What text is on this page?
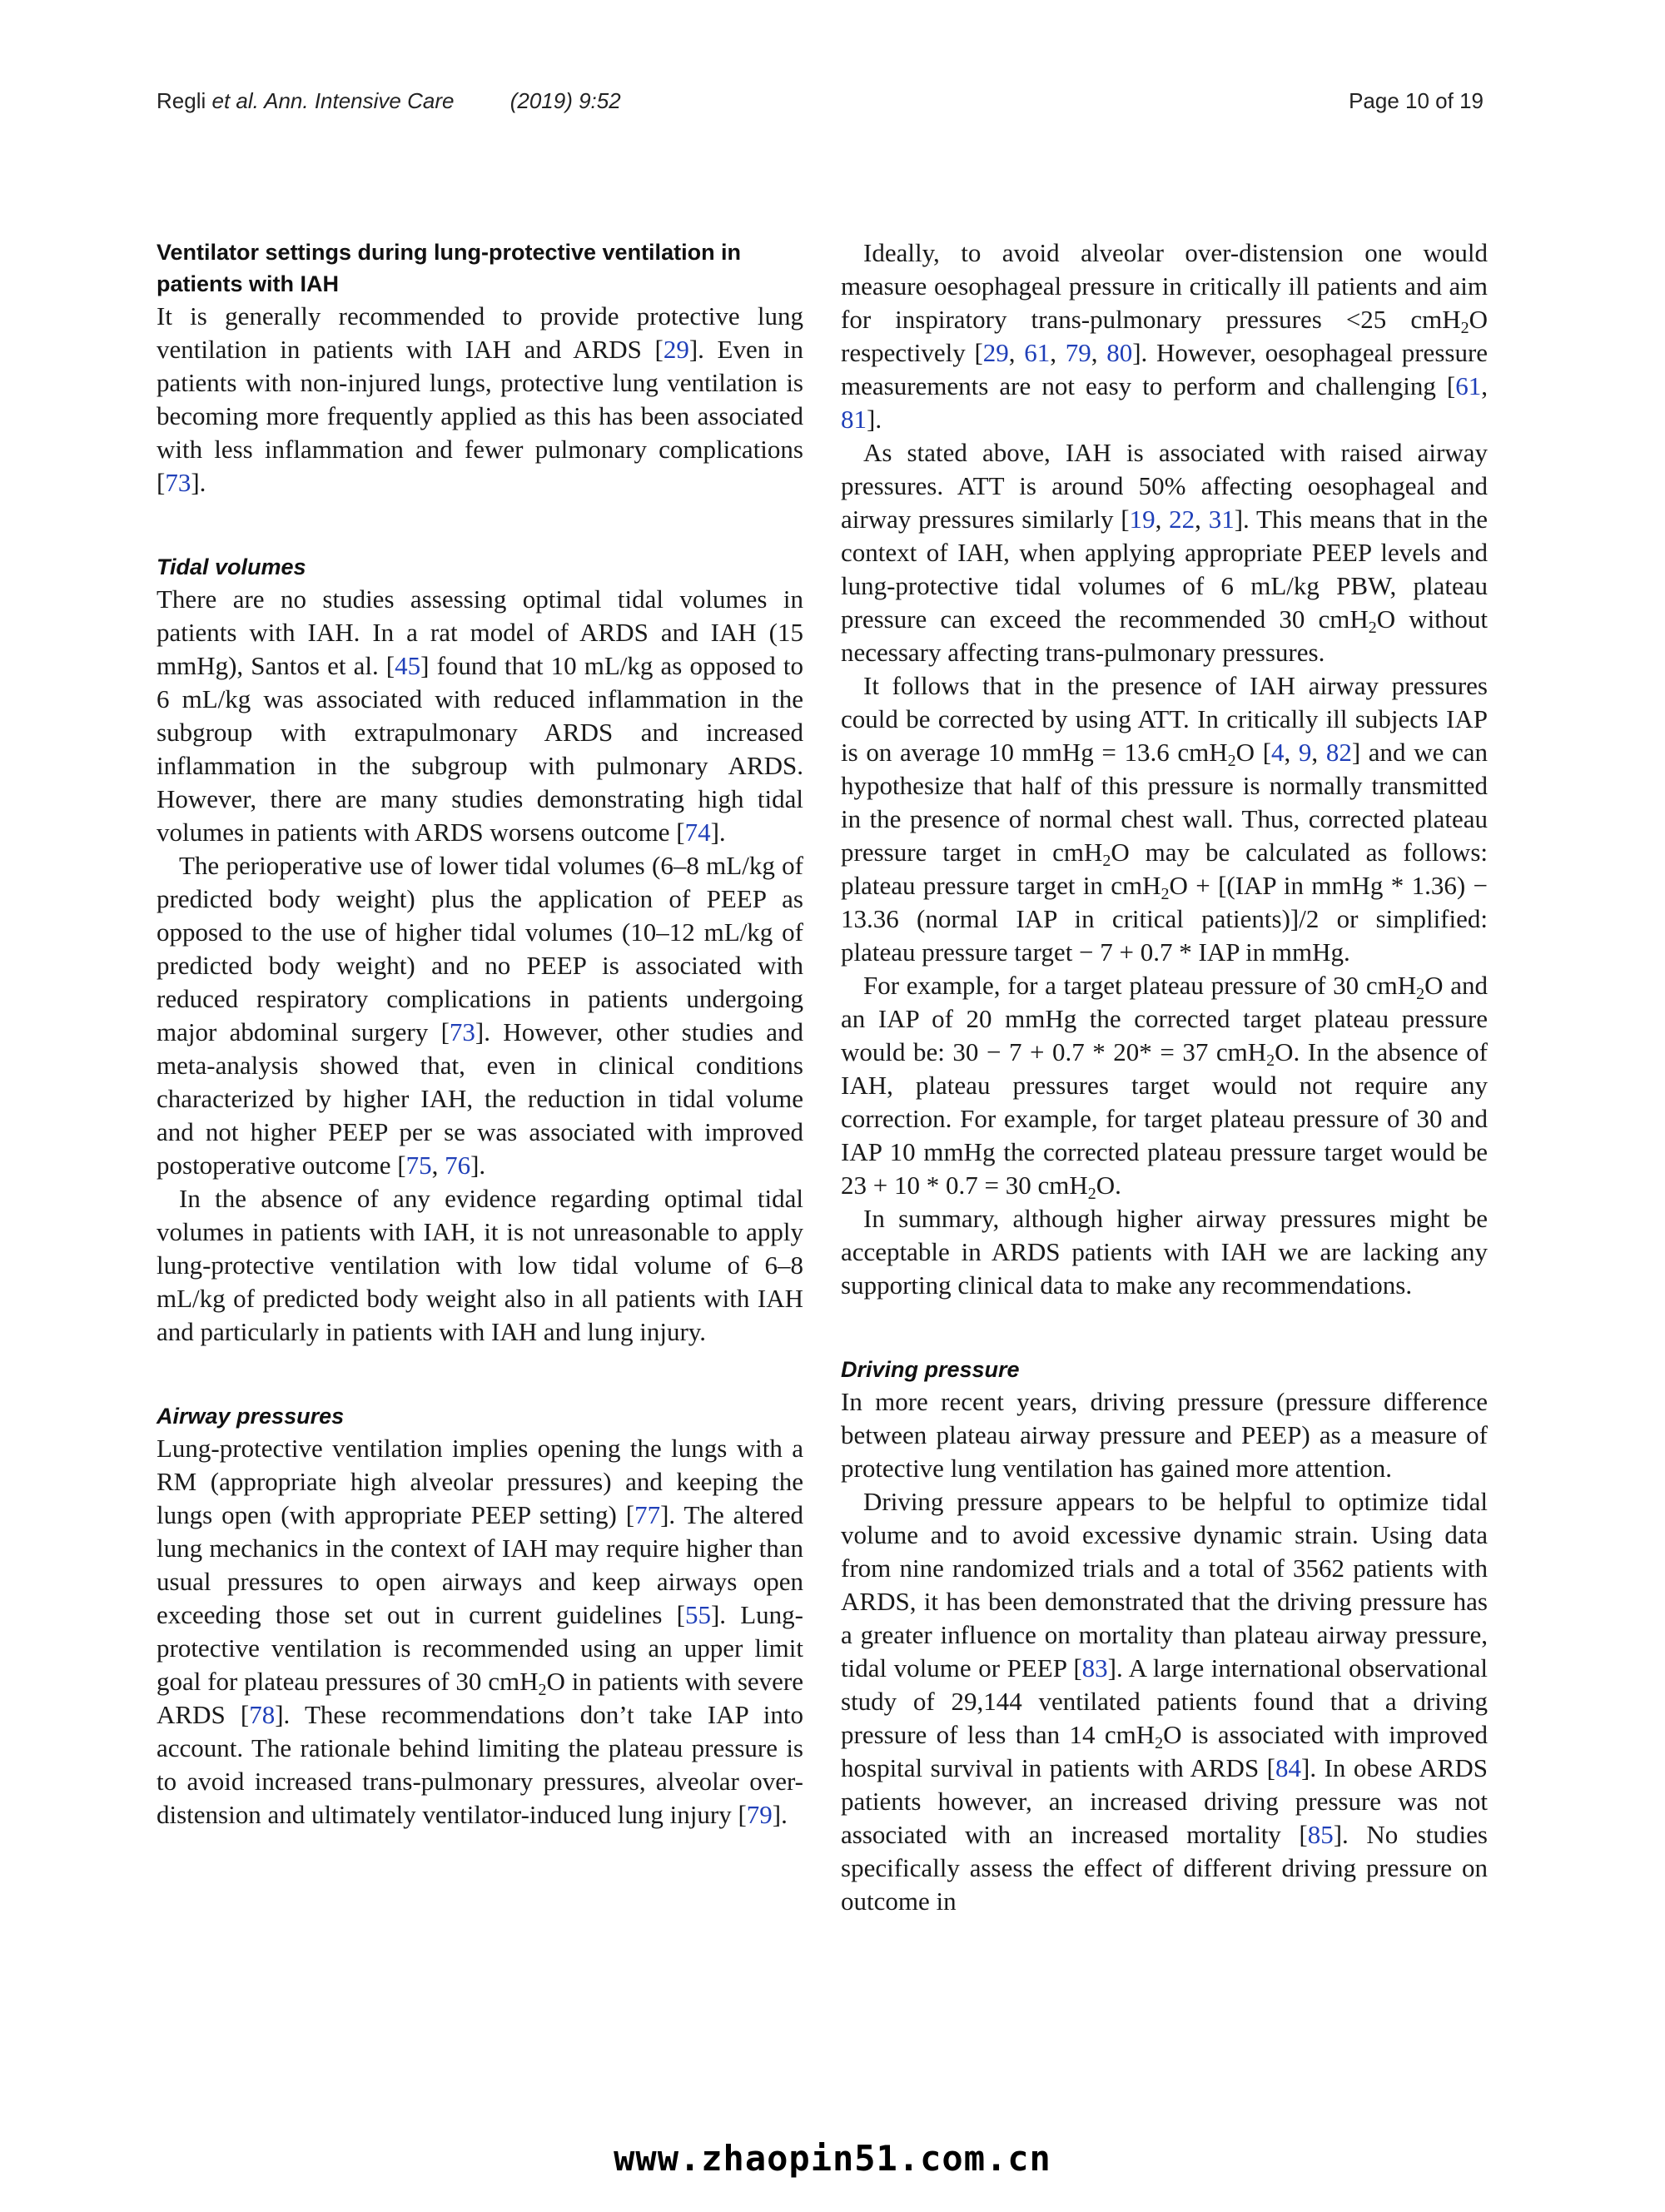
Regli et al. Ann. Intensive Care	(2019) 9:52	Page 10 of 19
Ventilator settings during lung-protective ventilation in patients with IAH

It is generally recommended to provide protective lung ventilation in patients with IAH and ARDS [29]. Even in patients with non-injured lungs, protective lung ventilation is becoming more frequently applied as this has been associated with less inflammation and fewer pulmonary complications [73].

Tidal volumes

There are no studies assessing optimal tidal volumes in patients with IAH. In a rat model of ARDS and IAH (15 mmHg), Santos et al. [45] found that 10 mL/kg as opposed to 6 mL/kg was associated with reduced inflammation in the subgroup with extrapulmonary ARDS and increased inflammation in the subgroup with pulmonary ARDS. However, there are many studies demonstrating high tidal volumes in patients with ARDS worsens outcome [74].

The perioperative use of lower tidal volumes (6–8 mL/kg of predicted body weight) plus the application of PEEP as opposed to the use of higher tidal volumes (10–12 mL/kg of predicted body weight) and no PEEP is associated with reduced respiratory complications in patients undergoing major abdominal surgery [73]. However, other studies and meta-analysis showed that, even in clinical conditions characterized by higher IAH, the reduction in tidal volume and not higher PEEP per se was associated with improved postoperative outcome [75, 76].

In the absence of any evidence regarding optimal tidal volumes in patients with IAH, it is not unreasonable to apply lung-protective ventilation with low tidal volume of 6–8 mL/kg of predicted body weight also in all patients with IAH and particularly in patients with IAH and lung injury.

Airway pressures

Lung-protective ventilation implies opening the lungs with a RM (appropriate high alveolar pressures) and keeping the lungs open (with appropriate PEEP setting) [77]. The altered lung mechanics in the context of IAH may require higher than usual pressures to open airways and keep airways open exceeding those set out in current guidelines [55]. Lung-protective ventilation is recommended using an upper limit goal for plateau pressures of 30 cmH$_2$O in patients with severe ARDS [78]. These recommendations don’t take IAP into account. The rationale behind limiting the plateau pressure is to avoid increased trans-pulmonary pressures, alveolar over-distension and ultimately ventilator-induced lung injury [79].

Ideally, to avoid alveolar over-distension one would measure oesophageal pressure in critically ill patients and aim for inspiratory trans-pulmonary pressures <25 cmH$_2$O respectively [29, 61, 79, 80]. However, oesophageal pressure measurements are not easy to perform and challenging [61, 81].

As stated above, IAH is associated with raised airway pressures. ATT is around 50% affecting oesophageal and airway pressures similarly [19, 22, 31]. This means that in the context of IAH, when applying appropriate PEEP levels and lung-protective tidal volumes of 6 mL/kg PBW, plateau pressure can exceed the recommended 30 cmH$_2$O without necessary affecting trans-pulmonary pressures.

It follows that in the presence of IAH airway pressures could be corrected by using ATT. In critically ill subjects IAP is on average 10 mmHg = 13.6 cmH$_2$O [4, 9, 82] and we can hypothesize that half of this pressure is normally transmitted in the presence of normal chest wall. Thus, corrected plateau pressure target in cmH$_2$O may be calculated as follows: plateau pressure target in cmH$_2$O + [(IAP in mmHg * 1.36) − 13.36 (normal IAP in critical patients)]/2 or simplified: plateau pressure target − 7 + 0.7 * IAP in mmHg.

For example, for a target plateau pressure of 30 cmH$_2$O and an IAP of 20 mmHg the corrected target plateau pressure would be: 30 − 7 + 0.7 * 20* = 37 cmH$_2$O. In the absence of IAH, plateau pressures target would not require any correction. For example, for target plateau pressure of 30 and IAP 10 mmHg the corrected plateau pressure target would be 23 + 10 * 0.7 = 30 cmH$_2$O.

In summary, although higher airway pressures might be acceptable in ARDS patients with IAH we are lacking any supporting clinical data to make any recommendations.

Driving pressure

In more recent years, driving pressure (pressure difference between plateau airway pressure and PEEP) as a measure of protective lung ventilation has gained more attention.

Driving pressure appears to be helpful to optimize tidal volume and to avoid excessive dynamic strain. Using data from nine randomized trials and a total of 3562 patients with ARDS, it has been demonstrated that the driving pressure has a greater influence on mortality than plateau airway pressure, tidal volume or PEEP [83]. A large international observational study of 29,144 ventilated patients found that a driving pressure of less than 14 cmH$_2$O is associated with improved hospital survival in patients with ARDS [84]. In obese ARDS patients however, an increased driving pressure was not associated with an increased mortality [85]. No studies specifically assess the effect of different driving pressure on outcome in

www.zhaopin51.com.cn
